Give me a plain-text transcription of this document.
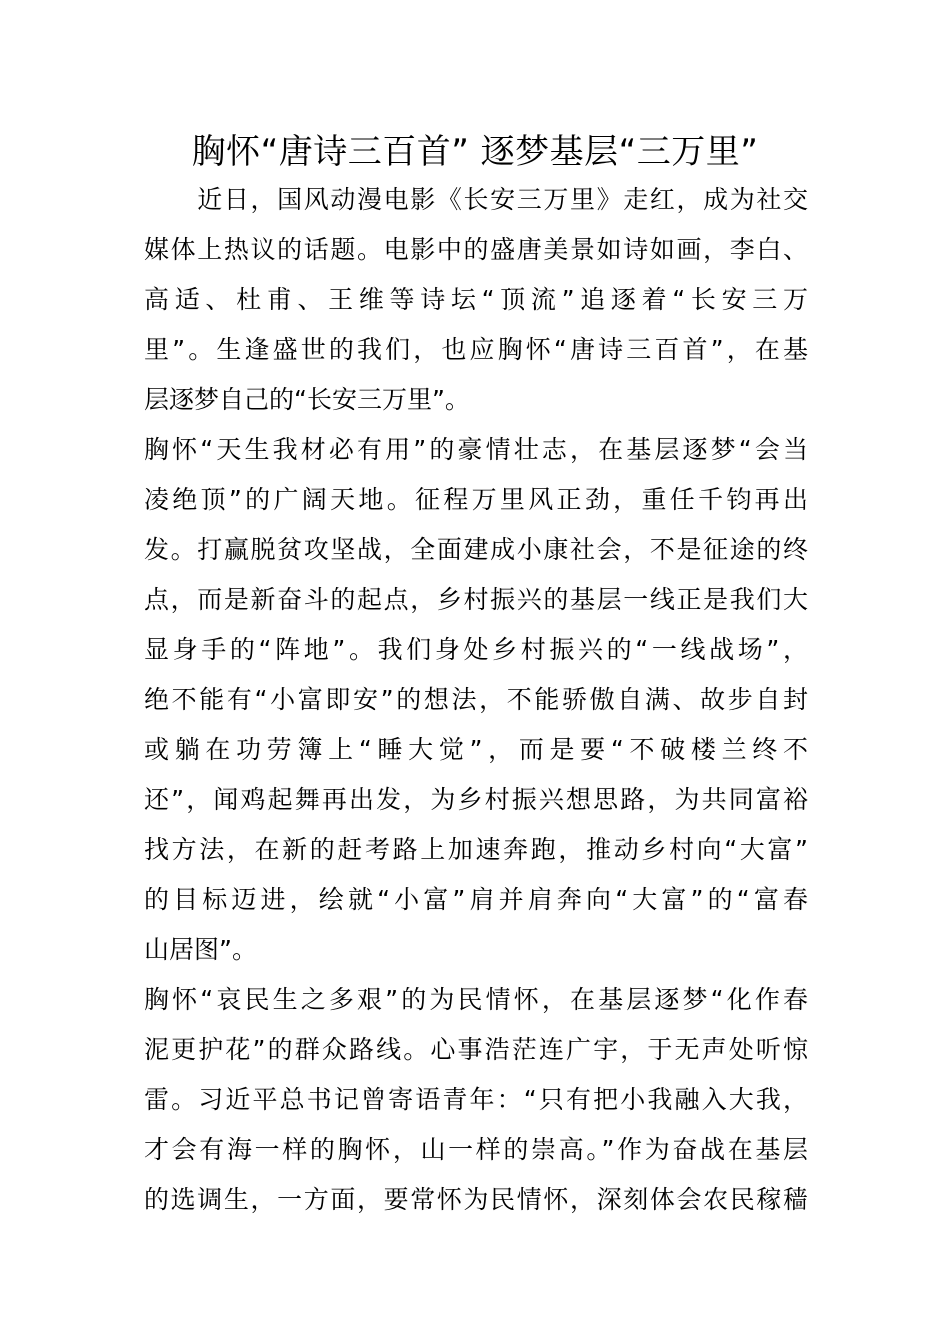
胸怀“唐诗三百首” 逐梦基层“三万里”
　　近日，国风动漫电影《长安三万里》走红，成为社交
媒体上热议的话题。电影中的盛唐美景如诗如画，李白、
高适、杜甫、王维等诗坛“顶流”追逐着“长安三万
里”。生逢盛世的我们，也应胸怀“唐诗三百首”，在基
层逐梦自己的“长安三万里”。
胸怀“天生我材必有用”的豪情壮志，在基层逐梦“会当
凌绝顶”的广阔天地。征程万里风正劲，重任千钧再出
发。打赢脱贫攻坚战，全面建成小康社会，不是征途的终
点，而是新奋斗的起点，乡村振兴的基层一线正是我们大
显身手的“阵地”。我们身处乡村振兴的“一线战场”，
绝不能有“小富即安”的想法，不能骄傲自满、故步自封
或躺在功劳簿上“睡大觉”，而是要“不破楼兰终不
还”，闻鸡起舞再出发，为乡村振兴想思路，为共同富裕
找方法，在新的赶考路上加速奔跑，推动乡村向“大富”
的目标迈进，绘就“小富”肩并肩奔向“大富”的“富春
山居图”。
胸怀“哀民生之多艰”的为民情怀，在基层逐梦“化作春
泥更护花”的群众路线。心事浩茫连广宇，于无声处听惊
雷。习近平总书记曾寄语青年：“只有把小我融入大我，
才会有海一样的胸怀，山一样的崇高。”作为奋战在基层
的选调生，一方面，要常怀为民情怀，深刻体会农民稼穑
